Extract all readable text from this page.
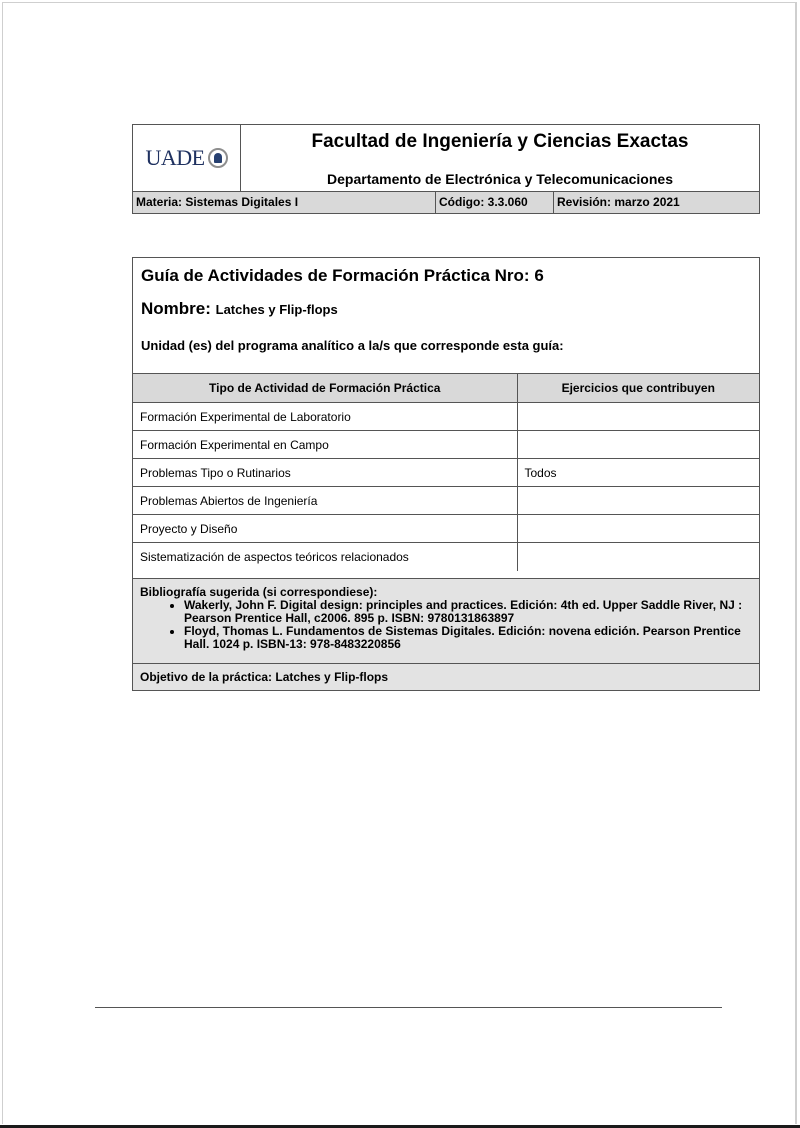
UADE
Facultad de Ingeniería y Ciencias Exactas
Departamento de Electrónica y Telecomunicaciones
Materia: Sistemas Digitales I	Código: 3.3.060	Revisión: marzo 2021
Guía de Actividades de Formación Práctica Nro: 6
Nombre: Latches y Flip-flops
Unidad (es) del programa analítico a la/s que corresponde esta guía:
Tipo de Actividad de Formación Práctica	Ejercicios que contribuyen
Formación Experimental de Laboratorio	
Formación Experimental en Campo	
Problemas Tipo o Rutinarios	Todos
Problemas Abiertos de Ingeniería	
Proyecto y Diseño	
Sistematización de aspectos teóricos relacionados	
Bibliografía sugerida (si correspondiese):
• Wakerly, John F. Digital design: principles and practices. Edición: 4th ed. Upper Saddle River, NJ : Pearson Prentice Hall, c2006. 895 p. ISBN: 9780131863897
• Floyd, Thomas L. Fundamentos de Sistemas Digitales. Edición: novena edición. Pearson Prentice Hall. 1024 p. ISBN-13: 978-8483220856
Objetivo de la práctica: Latches y Flip-flops
